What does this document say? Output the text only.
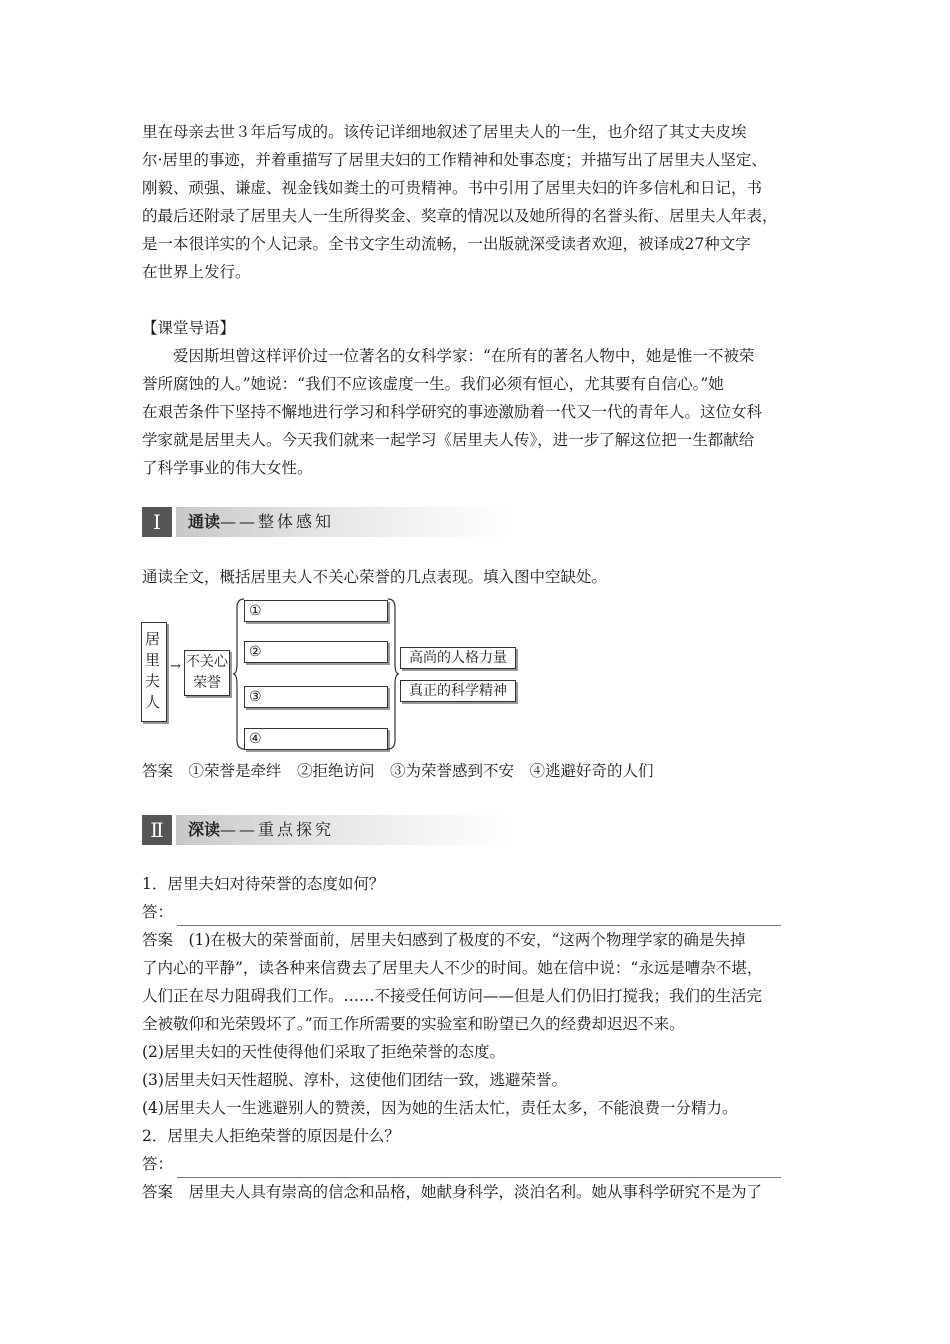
里在母亲去世３年后写成的。该传记详细地叙述了居里夫人的一生，也介绍了其丈夫皮埃
尔·居里的事迹，并着重描写了居里夫妇的工作精神和处事态度；并描写出了居里夫人坚定、
刚毅、顽强、谦虚、视金钱如粪土的可贵精神。书中引用了居里夫妇的许多信札和日记，书
的最后还附录了居里夫人一生所得奖金、奖章的情况以及她所得的名誉头衔、居里夫人年表，
是一本很详实的个人记录。全书文字生动流畅，一出版就深受读者欢迎，被译成27种文字
在世界上发行。
【课堂导语】
爱因斯坦曾这样评价过一位著名的女科学家：“在所有的著名人物中，她是惟一不被荣
誉所腐蚀的人。”她说：“我们不应该虚度一生。我们必须有恒心，尤其要有自信心。”她
在艰苦条件下坚持不懈地进行学习和科学研究的事迹激励着一代又一代的青年人。这位女科
学家就是居里夫人。今天我们就来一起学习《居里夫人传》，进一步了解这位把一生都献给
了科学事业的伟大女性。
Ⅰ	通读——整体感知
通读全文，概括居里夫人不关心荣誉的几点表现。填入图中空缺处。
居里夫人 → 不关心
荣誉
①
②
③
④
高尚的人格力量
真正的科学精神
答案　①荣誉是牵绊　②拒绝访问　③为荣誉感到不安　④逃避好奇的人们
Ⅱ	深读——重点探究
1．居里夫妇对待荣誉的态度如何？
答：
答案　(1)在极大的荣誉面前，居里夫妇感到了极度的不安，“这两个物理学家的确是失掉
了内心的平静”，读各种来信费去了居里夫人不少的时间。她在信中说：“永远是嘈杂不堪，
人们正在尽力阻碍我们工作。……不接受任何访问——但是人们仍旧打搅我；我们的生活完
全被敬仰和光荣毁坏了。”而工作所需要的实验室和盼望已久的经费却迟迟不来。
(2)居里夫妇的天性使得他们采取了拒绝荣誉的态度。
(3)居里夫妇天性超脱、淳朴，这使他们团结一致，逃避荣誉。
(4)居里夫人一生逃避别人的赞羡，因为她的生活太忙，责任太多，不能浪费一分精力。
2．居里夫人拒绝荣誉的原因是什么？
答：
答案　居里夫人具有崇高的信念和品格，她献身科学，淡泊名利。她从事科学研究不是为了
